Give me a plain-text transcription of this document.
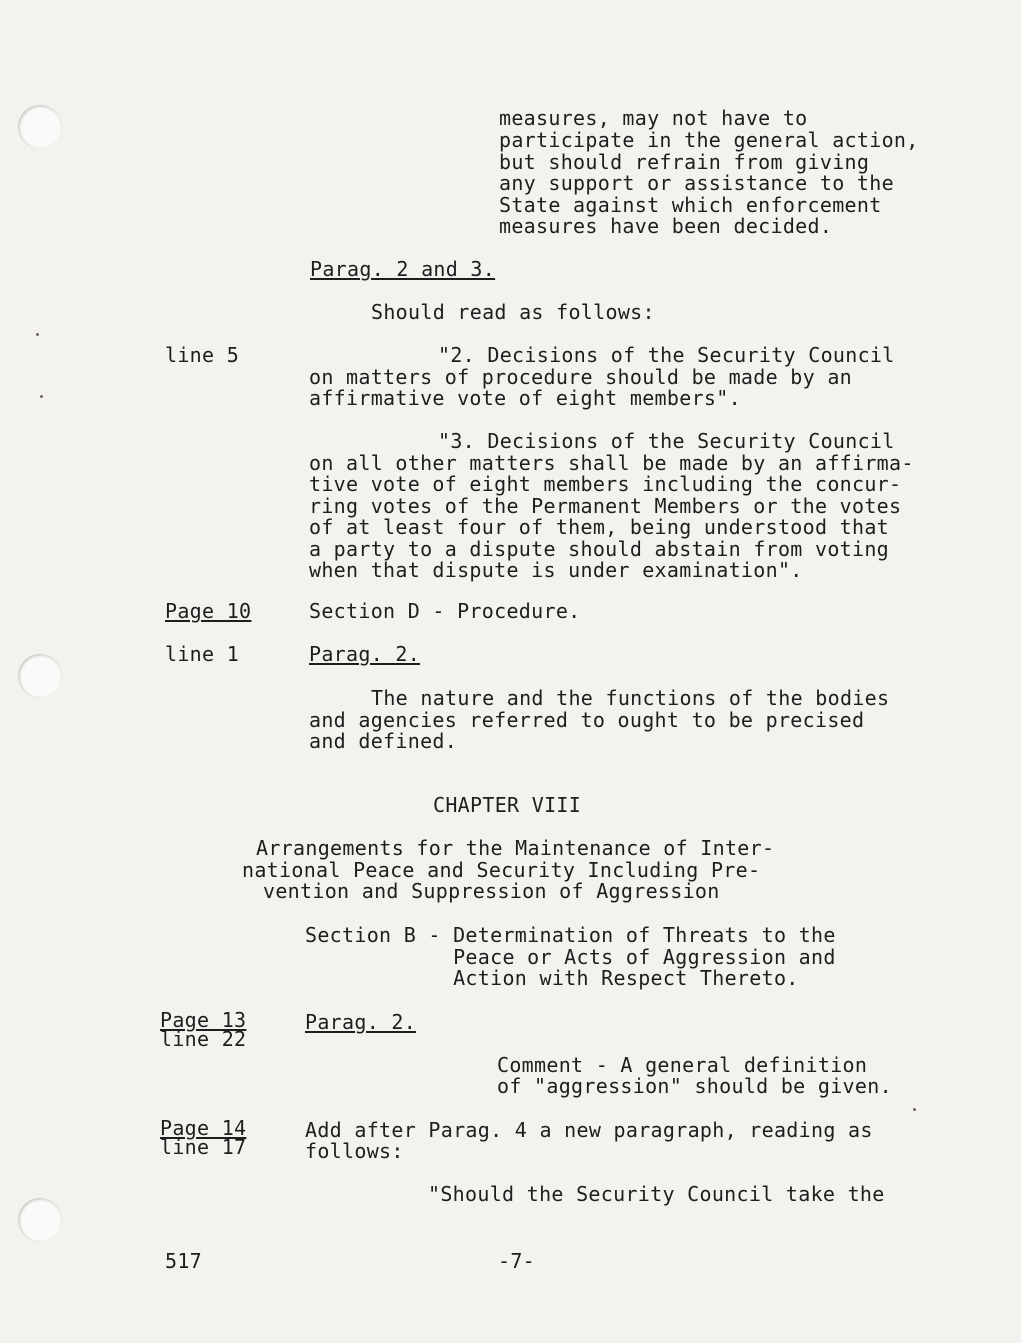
measures, may not have to
participate in the general action,
but should refrain from giving
any support or assistance to the
State against which enforcement
measures have been decided.
Parag. 2 and 3.
Should read as follows:
line 5	"2. Decisions of the Security Council
on matters of procedure should be made by an
affirmative vote of eight members".
"3. Decisions of the Security Council
on all other matters shall be made by an affirma-
tive vote of eight members including the concur-
ring votes of the Permanent Members or the votes
of at least four of them, being understood that
a party to a dispute should abstain from voting
when that dispute is under examination".
Page 10	Section D - Procedure.
line 1	Parag. 2.
The nature and the functions of the bodies
and agencies referred to ought to be precised
and defined.
CHAPTER VIII
Arrangements for the Maintenance of Inter-
national Peace and Security Including Pre-
vention and Suppression of Aggression
Section B - Determination of Threats to the
Peace or Acts of Aggression and
Action with Respect Thereto.
Page 13
line 22
Parag. 2.
Comment - A general definition
of "aggression" should be given.
Page 14
line 17
Add after Parag. 4 a new paragraph, reading as
follows:
"Should the Security Council take the
517	-7-
